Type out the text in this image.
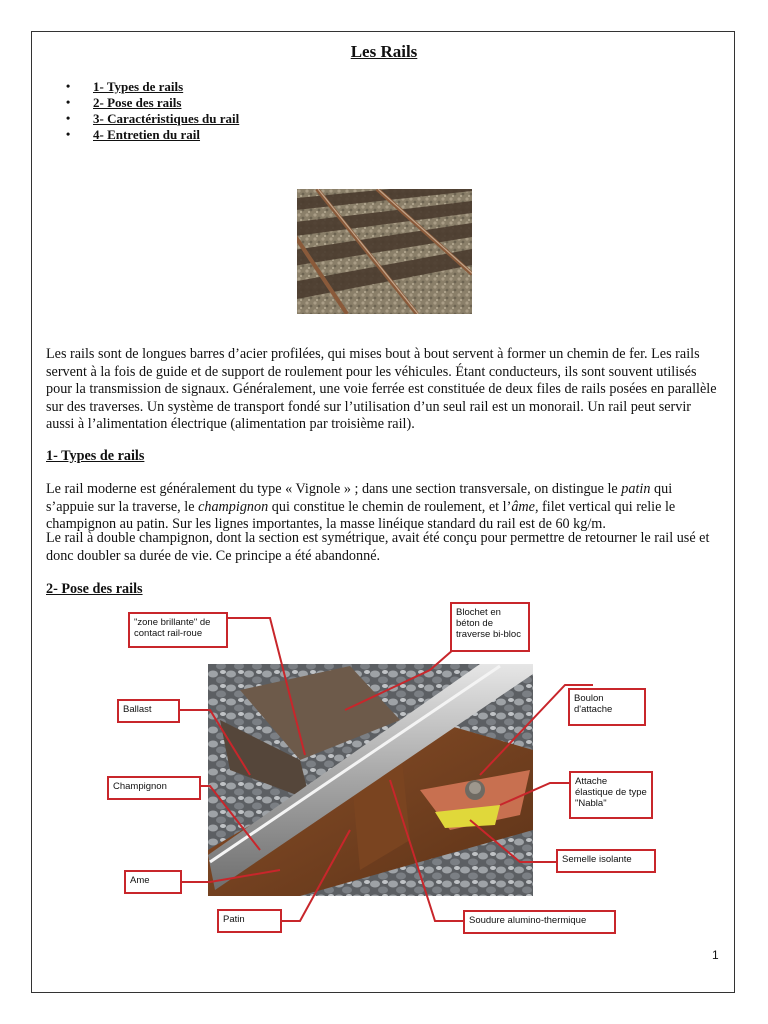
Les Rails
• 1- Types de rails
• 2- Pose des rails
• 3- Caractéristiques du rail
• 4- Entretien du rail

Les rails sont de longues barres d’acier profilées, qui mises bout à bout servent à former un chemin de fer. Les rails servent à la fois de guide et de support de roulement pour les véhicules. Étant conducteurs, ils sont souvent utilisés pour la transmission de signaux. Généralement, une voie ferrée est constituée de deux files de rails posées en parallèle sur des traverses. Un système de transport fondé sur l’utilisation d’un seul rail est un monorail. Un rail peut servir aussi à l’alimentation électrique (alimentation par troisième rail).

1- Types de rails

Le rail moderne est généralement du type « Vignole » ; dans une section transversale, on distingue le patin qui s’appuie sur la traverse, le champignon qui constitue le chemin de roulement, et l’âme, filet vertical qui relie le champignon au patin. Sur les lignes importantes, la masse linéique standard du rail est de 60 kg/m.

Le rail à double champignon, dont la section est symétrique, avait été conçu pour permettre de retourner le rail usé et donc doubler sa durée de vie. Ce principe a été abandonné.

2- Pose des rails
"zone brillante" de contact rail-roue
Blochet en béton de traverse bi-bloc
Ballast
Boulon d'attache
Champignon	Attache élastique de type "Nabla"
Semelle isolante
Ame
Patin	Soudure alumino-thermique
1
